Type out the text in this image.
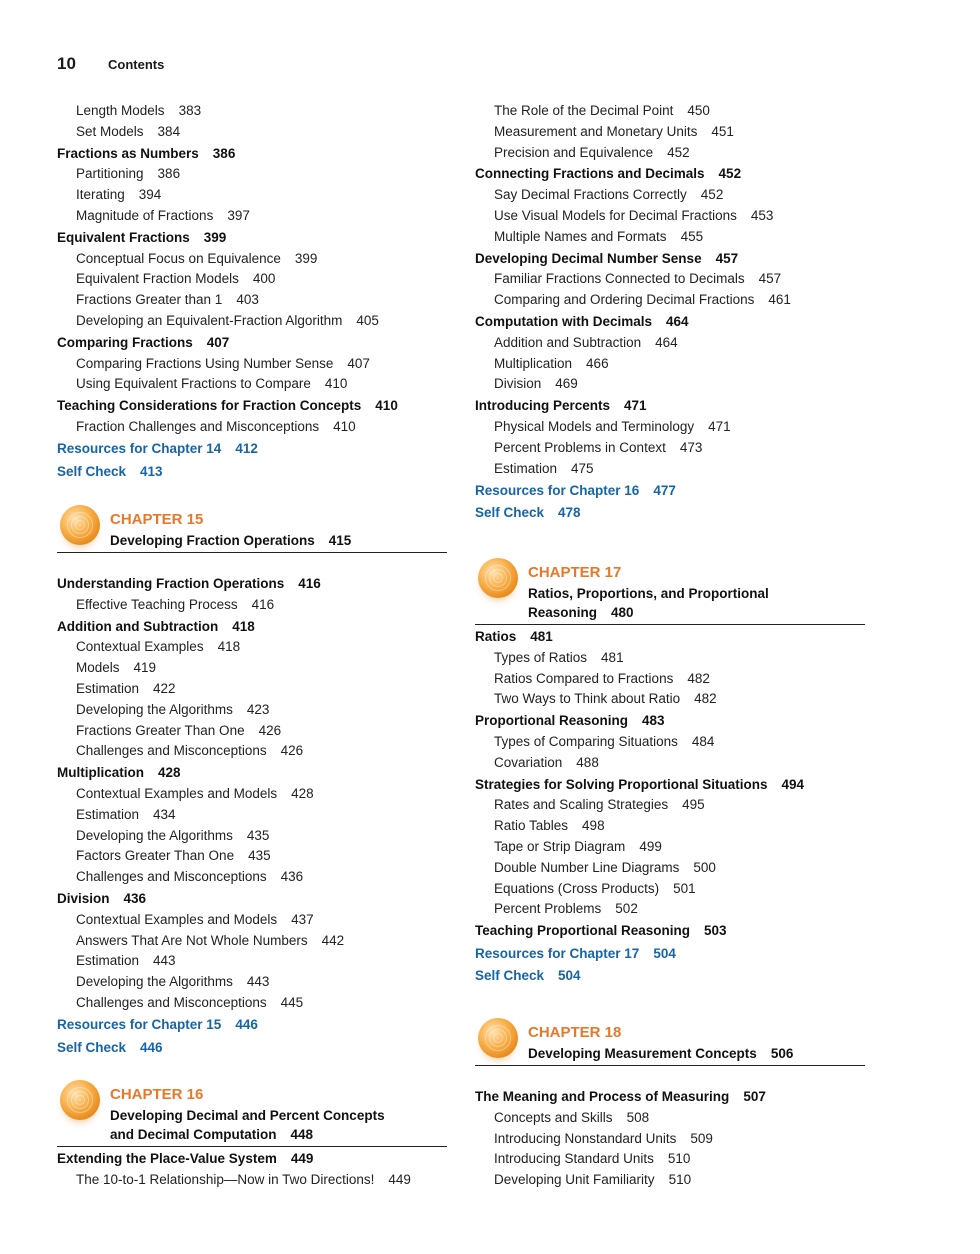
10 Contents
Length Models 383
Set Models 384
Fractions as Numbers 386
Partitioning 386
Iterating 394
Magnitude of Fractions 397
Equivalent Fractions 399
Conceptual Focus on Equivalence 399
Equivalent Fraction Models 400
Fractions Greater than 1 403
Developing an Equivalent-Fraction Algorithm 405
Comparing Fractions 407
Comparing Fractions Using Number Sense 407
Using Equivalent Fractions to Compare 410
Teaching Considerations for Fraction Concepts 410
Fraction Challenges and Misconceptions 410
Resources for Chapter 14 412
Self Check 413
CHAPTER 15
Developing Fraction Operations 415
Understanding Fraction Operations 416
Effective Teaching Process 416
Addition and Subtraction 418
Contextual Examples 418
Models 419
Estimation 422
Developing the Algorithms 423
Fractions Greater Than One 426
Challenges and Misconceptions 426
Multiplication 428
Contextual Examples and Models 428
Estimation 434
Developing the Algorithms 435
Factors Greater Than One 435
Challenges and Misconceptions 436
Division 436
Contextual Examples and Models 437
Answers That Are Not Whole Numbers 442
Estimation 443
Developing the Algorithms 443
Challenges and Misconceptions 445
Resources for Chapter 15 446
Self Check 446
CHAPTER 16
Developing Decimal and Percent Concepts
and Decimal Computation 448
Extending the Place-Value System 449
The 10-to-1 Relationship—Now in Two Directions! 449
The Role of the Decimal Point 450
Measurement and Monetary Units 451
Precision and Equivalence 452
Connecting Fractions and Decimals 452
Say Decimal Fractions Correctly 452
Use Visual Models for Decimal Fractions 453
Multiple Names and Formats 455
Developing Decimal Number Sense 457
Familiar Fractions Connected to Decimals 457
Comparing and Ordering Decimal Fractions 461
Computation with Decimals 464
Addition and Subtraction 464
Multiplication 466
Division 469
Introducing Percents 471
Physical Models and Terminology 471
Percent Problems in Context 473
Estimation 475
Resources for Chapter 16 477
Self Check 478
CHAPTER 17
Ratios, Proportions, and Proportional
Reasoning 480
Ratios 481
Types of Ratios 481
Ratios Compared to Fractions 482
Two Ways to Think about Ratio 482
Proportional Reasoning 483
Types of Comparing Situations 484
Covariation 488
Strategies for Solving Proportional Situations 494
Rates and Scaling Strategies 495
Ratio Tables 498
Tape or Strip Diagram 499
Double Number Line Diagrams 500
Equations (Cross Products) 501
Percent Problems 502
Teaching Proportional Reasoning 503
Resources for Chapter 17 504
Self Check 504
CHAPTER 18
Developing Measurement Concepts 506
The Meaning and Process of Measuring 507
Concepts and Skills 508
Introducing Nonstandard Units 509
Introducing Standard Units 510
Developing Unit Familiarity 510
